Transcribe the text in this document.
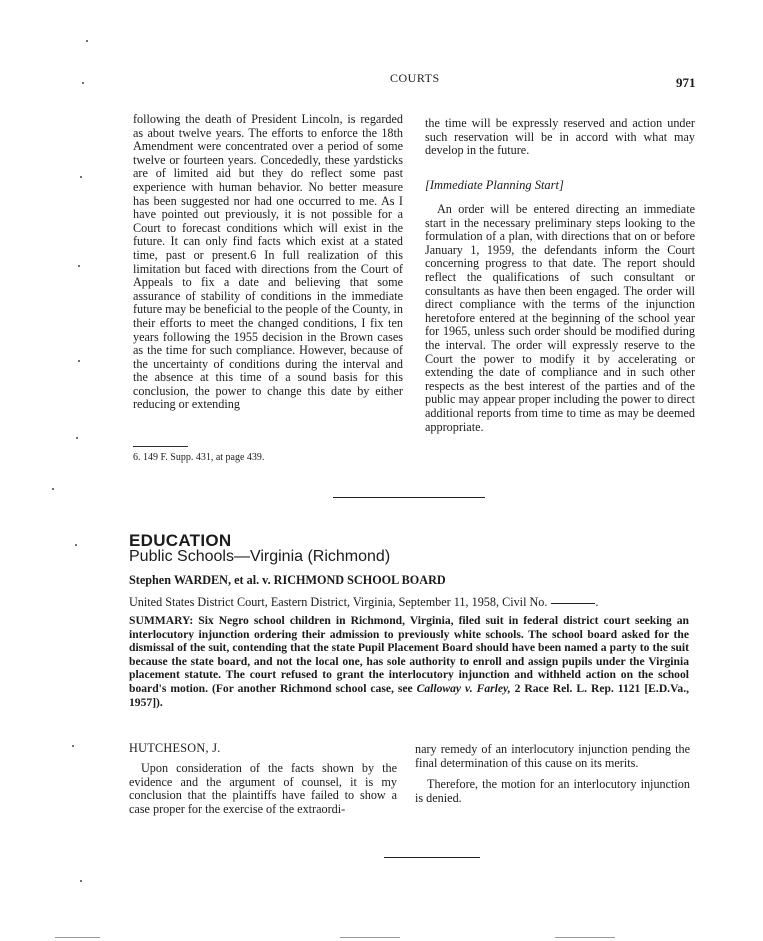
COURTS	971

following the death of President Lincoln, is regarded as about twelve years. The efforts to enforce the 18th Amendment were concentrated over a period of some twelve or fourteen years. Concededly, these yardsticks are of limited aid but they do reflect some past experience with human behavior. No better measure has been suggested nor had one occurred to me. As I have pointed out previously, it is not possible for a Court to forecast conditions which will exist in the future. It can only find facts which exist at a stated time, past or present.6 In full realization of this limitation but faced with directions from the Court of Appeals to fix a date and believing that some assurance of stability of conditions in the immediate future may be beneficial to the people of the County, in their efforts to meet the changed conditions, I fix ten years following the 1955 decision in the Brown cases as the time for such compliance. However, because of the uncertainty of conditions during the interval and the absence at this time of a sound basis for this conclusion, the power to change this date by either reducing or extending

6. 149 F. Supp. 431, at page 439.
the time will be expressly reserved and action under such reservation will be in accord with what may develop in the future.
[Immediate Planning Start]
An order will be entered directing an immediate start in the necessary preliminary steps looking to the formulation of a plan, with directions that on or before January 1, 1959, the defendants inform the Court concerning progress to that date. The report should reflect the qualifications of such consultant or consultants as have then been engaged. The order will direct compliance with the terms of the injunction heretofore entered at the beginning of the school year for 1965, unless such order should be modified during the interval. The order will expressly reserve to the Court the power to modify it by accelerating or extending the date of compliance and in such other respects as the best interest of the parties and of the public may appear proper including the power to direct additional reports from time to time as may be deemed appropriate.
EDUCATION
Public Schools—Virginia (Richmond)
Stephen WARDEN, et al. v. RICHMOND SCHOOL BOARD
United States District Court, Eastern District, Virginia, September 11, 1958, Civil No.	.

SUMMARY: Six Negro school children in Richmond, Virginia, filed suit in federal district court seeking an interlocutory injunction ordering their admission to previously white schools. The school board asked for the dismissal of the suit, contending that the state Pupil Placement Board should have been named a party to the suit because the state board, and not the local one, has sole authority to enroll and assign pupils under the Virginia placement statute. The court refused to grant the interlocutory injunction and withheld action on the school board's motion. (For another Richmond school case, see Calloway v. Farley, 2 Race Rel. L. Rep. 1121 [E.D.Va., 1957]).

HUTCHESON, J.
Upon consideration of the facts shown by the evidence and the argument of counsel, it is my conclusion that the plaintiffs have failed to show a case proper for the exercise of the extraordi-

nary remedy of an interlocutory injunction pending the final determination of this cause on its merits.

Therefore, the motion for an interlocutory injunction is denied.
